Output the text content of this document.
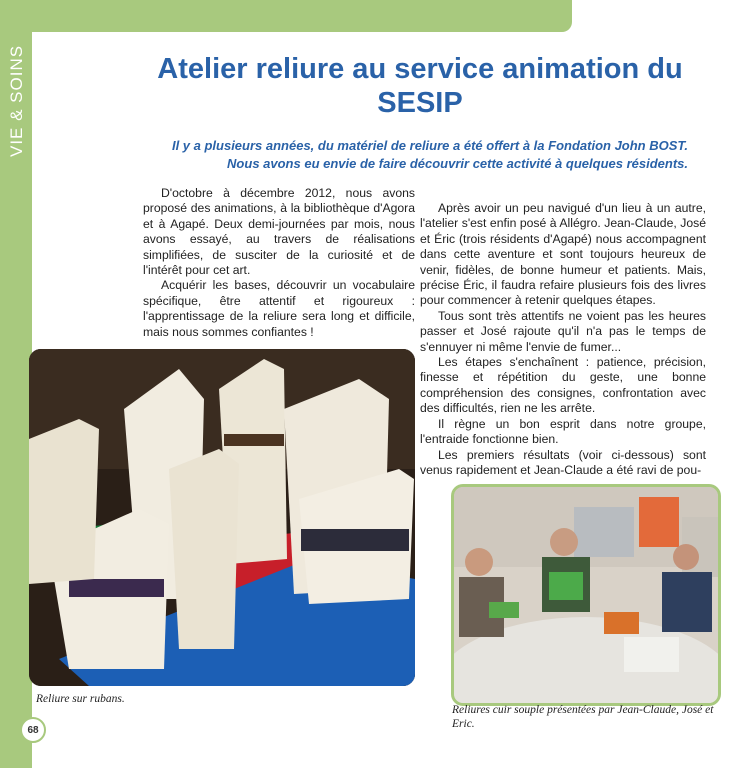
VIE & SOINS	Atelier reliure au service animation du SESIP

Il y a plusieurs années, du matériel de reliure a été offert à la Fondation John BOST. Nous avons eu envie de faire découvrir cette activité à quelques résidents.

D'octobre à décembre 2012, nous avons proposé des animations, à la bibliothèque d'Agora et à Agapé. Deux demi-journées par mois, nous avons essayé, au travers de réalisations simplifiées, de susciter de la curiosité et de l'intérêt pour cet art.

Acquérir les bases, découvrir un vocabulaire spécifique, être attentif et rigoureux : l'apprentissage de la reliure sera long et difficile, mais nous sommes confiantes !

Après avoir un peu navigué d'un lieu à un autre, l'atelier s'est enfin posé à Allégro. Jean-Claude, José et Éric (trois résidents d'Agapé) nous accompagnent dans cette aventure et sont toujours heureux de venir, fidèles, de bonne humeur et patients. Mais, précise Éric, il faudra refaire plusieurs fois des livres pour commencer à retenir quelques étapes.

Tous sont très attentifs ne voient pas les heures passer et José rajoute qu'il n'a pas le temps de s'ennuyer ni même l'envie de fumer...

Les étapes s'enchaînent : patience, précision, finesse et répétition du geste, une bonne compréhension des consignes, confrontation avec des difficultés, rien ne les arrête.

Il règne un bon esprit dans notre groupe, l'entraide fonctionne bien.

Les premiers résultats (voir ci-dessous) sont venus rapidement et Jean-Claude a été ravi de pou-

Reliure sur rubans.

Reliures cuir souple présentées par Jean-Claude, José et Eric.

68
